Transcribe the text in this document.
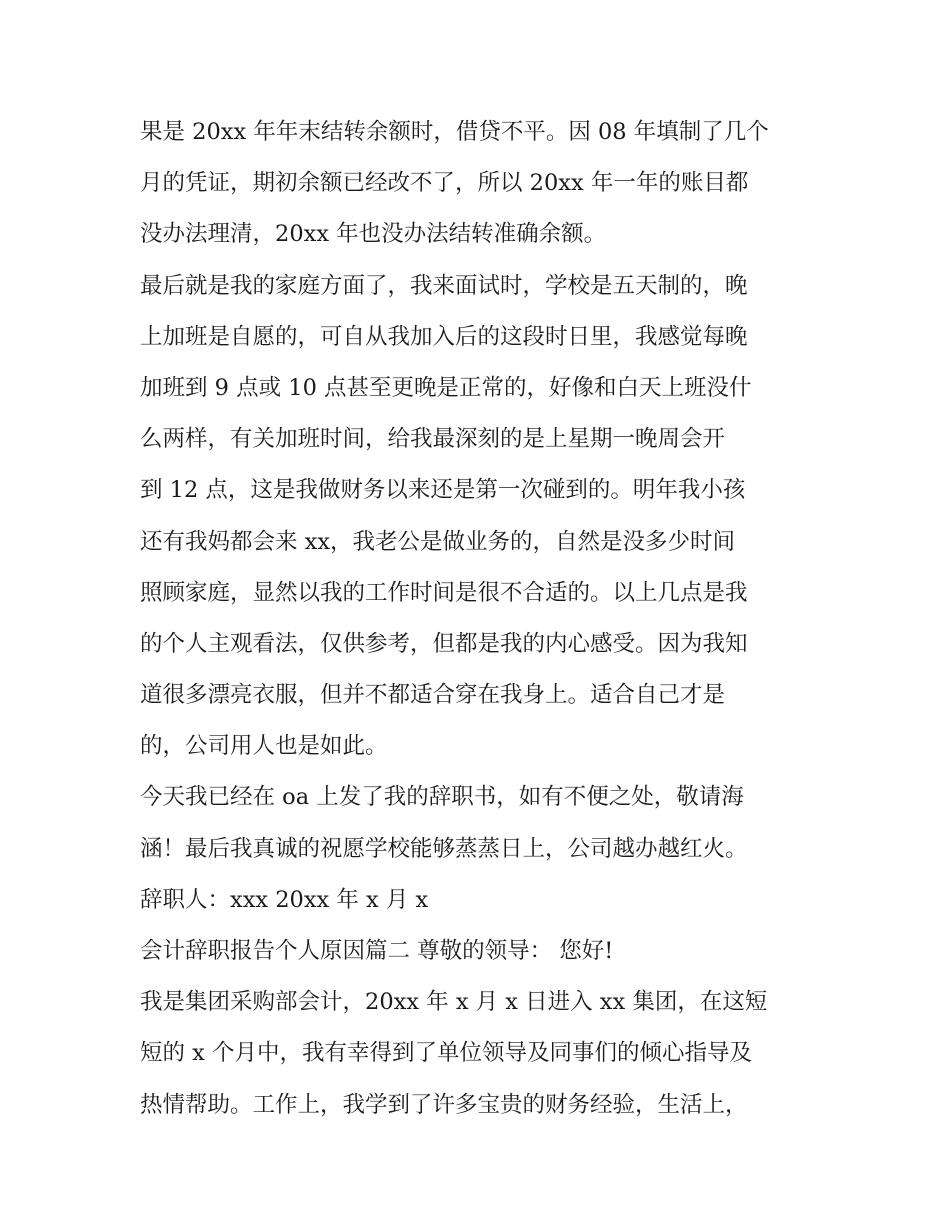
果是 20xx 年年末结转余额时，借贷不平。因 08 年填制了几个
月的凭证，期初余额已经改不了，所以 20xx 年一年的账目都
没办法理清，20xx 年也没办法结转准确余额。
最后就是我的家庭方面了，我来面试时，学校是五天制的，晚
上加班是自愿的，可自从我加入后的这段时日里，我感觉每晚
加班到 9 点或 10 点甚至更晚是正常的，好像和白天上班没什
么两样，有关加班时间，给我最深刻的是上星期一晚周会开
到 12 点，这是我做财务以来还是第一次碰到的。明年我小孩
还有我妈都会来 xx，我老公是做业务的，自然是没多少时间
照顾家庭，显然以我的工作时间是很不合适的。以上几点是我
的个人主观看法，仅供参考，但都是我的内心感受。因为我知
道很多漂亮衣服，但并不都适合穿在我身上。适合自己才是
的，公司用人也是如此。
今天我已经在 oa 上发了我的辞职书，如有不便之处，敬请海
涵！最后我真诚的祝愿学校能够蒸蒸日上，公司越办越红火。
辞职人：xxx 20xx 年 x 月 x
会计辞职报告个人原因篇二 尊敬的领导： 您好!
我是集团采购部会计，20xx 年 x 月 x 日进入 xx 集团，在这短
短的 x 个月中，我有幸得到了单位领导及同事们的倾心指导及
热情帮助。工作上，我学到了许多宝贵的财务经验，生活上，
